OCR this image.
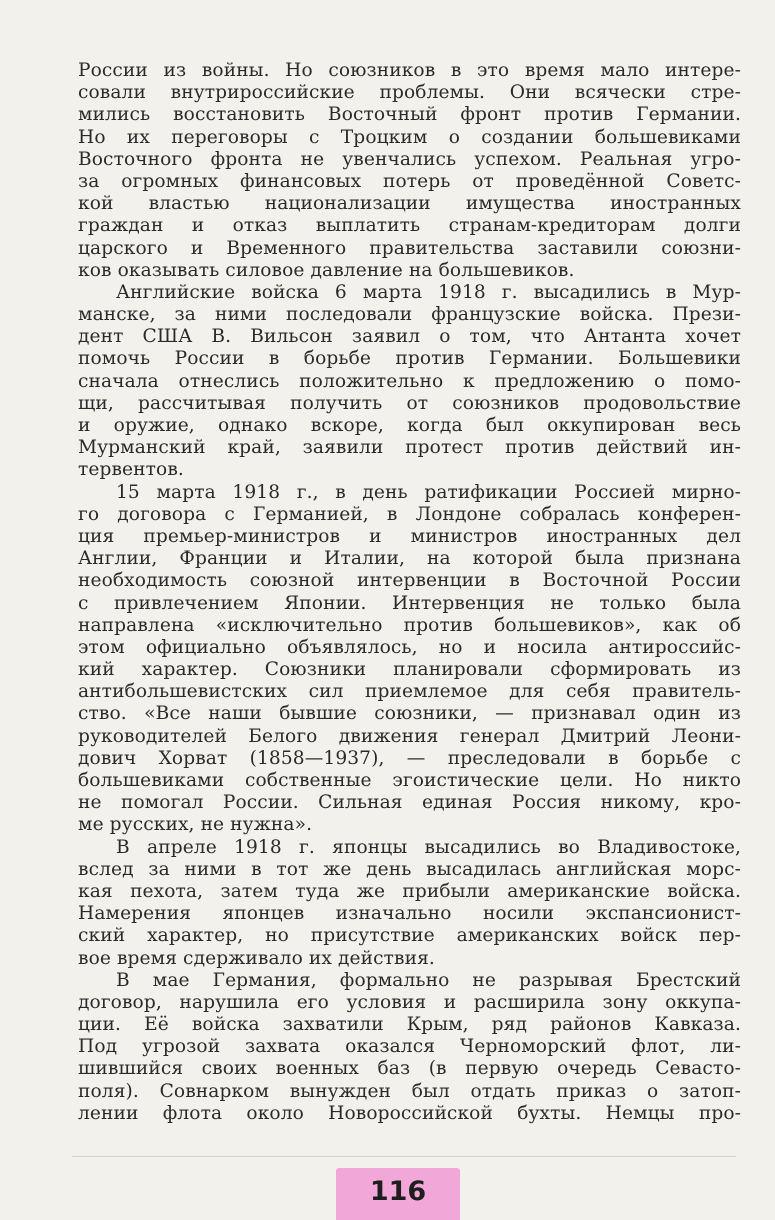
России из войны. Но союзников в это время мало интере-
совали внутрироссийские проблемы. Они всячески стре-
мились восстановить Восточный фронт против Германии.
Но их переговоры с Троцким о создании большевиками
Восточного фронта не увенчались успехом. Реальная угро-
за огромных финансовых потерь от проведённой Советс-
кой властью национализации имущества иностранных
граждан и отказ выплатить странам-кредиторам долги
царского и Временного правительства заставили союзни-
ков оказывать силовое давление на большевиков.
Английские войска 6 марта 1918 г. высадились в Мур-
манске, за ними последовали французские войска. Прези-
дент США В. Вильсон заявил о том, что Антанта хочет
помочь России в борьбе против Германии. Большевики
сначала отнеслись положительно к предложению о помо-
щи, рассчитывая получить от союзников продовольствие
и оружие, однако вскоре, когда был оккупирован весь
Мурманский край, заявили протест против действий ин-
тервентов.
15 марта 1918 г., в день ратификации Россией мирно-
го договора с Германией, в Лондоне собралась конферен-
ция премьер-министров и министров иностранных дел
Англии, Франции и Италии, на которой была признана
необходимость союзной интервенции в Восточной России
с привлечением Японии. Интервенция не только была
направлена «исключительно против большевиков», как об
этом официально объявлялось, но и носила антироссийс-
кий характер. Союзники планировали сформировать из
антибольшевистских сил приемлемое для себя правитель-
ство. «Все наши бывшие союзники, — признавал один из
руководителей Белого движения генерал Дмитрий Леони-
дович Хорват (1858—1937), — преследовали в борьбе с
большевиками собственные эгоистические цели. Но никто
не помогал России. Сильная единая Россия никому, кро-
ме русских, не нужна».
В апреле 1918 г. японцы высадились во Владивостоке,
вслед за ними в тот же день высадилась английская морс-
кая пехота, затем туда же прибыли американские войска.
Намерения японцев изначально носили экспансионист-
ский характер, но присутствие американских войск пер-
вое время сдерживало их действия.
В мае Германия, формально не разрывая Брестский
договор, нарушила его условия и расширила зону оккупа-
ции. Её войска захватили Крым, ряд районов Кавказа.
Под угрозой захвата оказался Черноморский флот, ли-
шившийся своих военных баз (в первую очередь Севасто-
поля). Совнарком вынужден был отдать приказ о затоп-
лении флота около Новороссийской бухты. Немцы про-
116
